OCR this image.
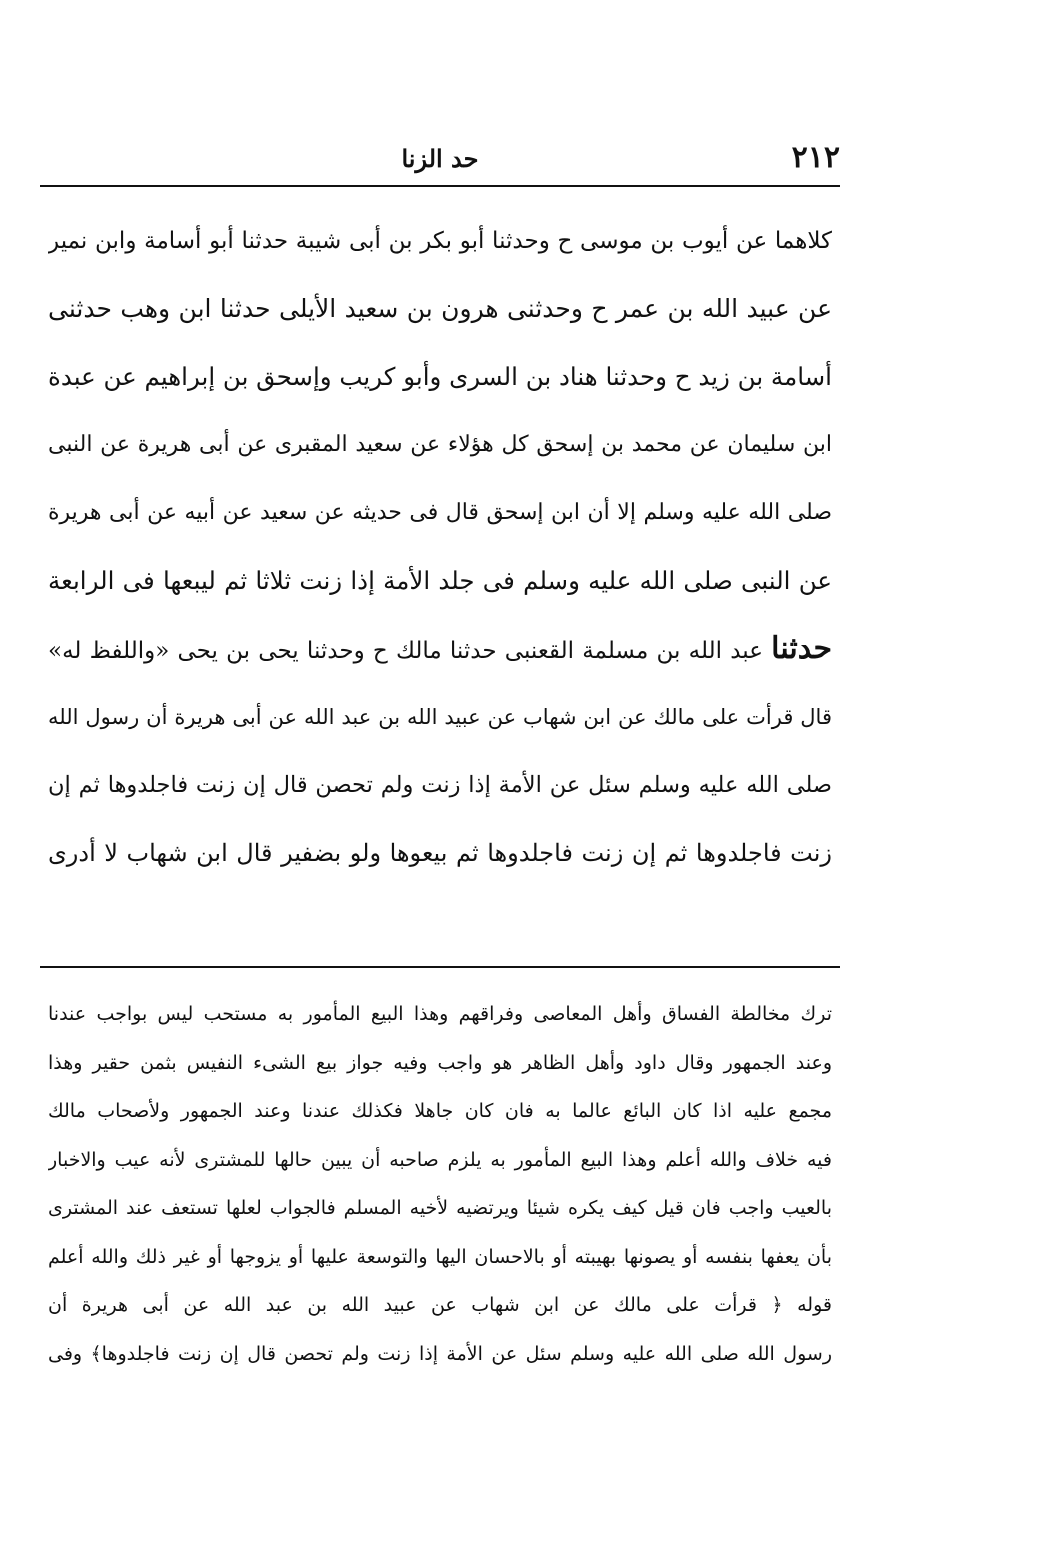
٢١٢
حد الزنا
كلاهما عن أيوب بن موسى ح وحدثنا أبو بكر بن أبى شيبة حدثنا أبو أسامة وابن نمير
عن عبيد الله بن عمر ح وحدثنى هرون بن سعيد الأيلى حدثنا ابن وهب حدثنى
أسامة بن زيد ح وحدثنا هناد بن السرى وأبو كريب وإسحق بن إبراهيم عن عبدة
ابن سليمان عن محمد بن إسحق كل هؤلاء عن سعيد المقبرى عن أبى هريرة عن النبى
صلى الله عليه وسلم إلا أن ابن إسحق قال فى حديثه عن سعيد عن أبيه عن أبى هريرة
عن النبى صلى الله عليه وسلم فى جلد الأمة إذا زنت ثلاثا ثم ليبعها فى الرابعة
حدثنا عبد الله بن مسلمة القعنبى حدثنا مالك ح وحدثنا يحى بن يحى «واللفظ له»
قال قرأت على مالك عن ابن شهاب عن عبيد الله بن عبد الله عن أبى هريرة أن رسول الله
صلى الله عليه وسلم سئل عن الأمة إذا زنت ولم تحصن قال إن زنت فاجلدوها ثم إن
زنت فاجلدوها ثم إن زنت فاجلدوها ثم بيعوها ولو بضفير قال ابن شهاب لا أدرى
ترك مخالطة الفساق وأهل المعاصى وفراقهم وهذا البيع المأمور به مستحب ليس بواجب عندنا
وعند الجمهور وقال داود وأهل الظاهر هو واجب وفيه جواز بيع الشىء النفيس بثمن حقير وهذا
مجمع عليه اذا كان البائع عالما به فان كان جاهلا فكذلك عندنا وعند الجمهور ولأصحاب مالك
فيه خلاف والله أعلم وهذا البيع المأمور به يلزم صاحبه أن يبين حالها للمشترى لأنه عيب والاخبار
بالعيب واجب فان قيل كيف يكره شيئا ويرتضيه لأخيه المسلم فالجواب لعلها تستعف عند المشترى
بأن يعفها بنفسه أو يصونها بهيبته أو بالاحسان اليها والتوسعة عليها أو يزوجها أو غير ذلك والله أعلم
قوله ﴿ قرأت على مالك عن ابن شهاب عن عبيد الله بن عبد الله عن أبى هريرة أن
رسول الله صلى الله عليه وسلم سئل عن الأمة إذا زنت ولم تحصن قال إن زنت فاجلدوها﴾ وفى
